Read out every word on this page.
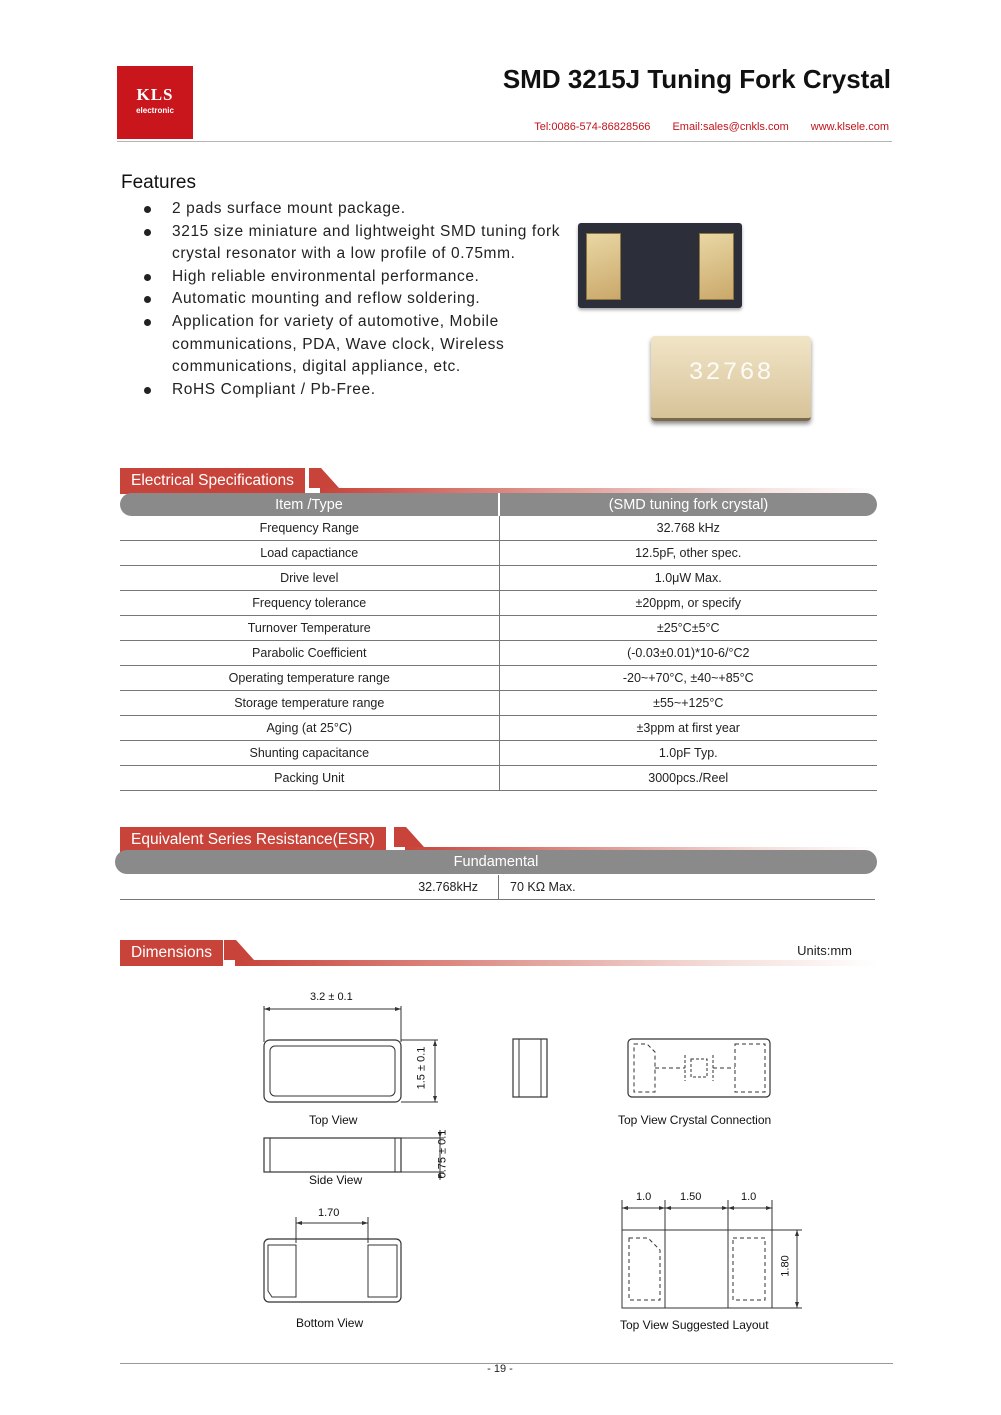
KLS
electronic
SMD 3215J Tuning Fork Crystal
Tel:0086-574-86828566 Email:sales@cnkls.com www.klsele.com
Features
2 pads surface mount package.
3215 size miniature and lightweight SMD tuning fork crystal resonator with a low profile of 0.75mm.
High reliable environmental performance.
Automatic mounting and reflow soldering.
Application for variety of automotive, Mobile communications, PDA, Wave clock, Wireless communications, digital appliance, etc.
RoHS Compliant / Pb-Free.
32768
Electrical Specifications
Item /Type	(SMD tuning fork crystal)
Frequency Range	32.768 kHz
Load capactiance	12.5pF, other spec.
Drive level	1.0μW Max.
Frequency tolerance	±20ppm, or specify
Turnover Temperature	±25°C±5°C
Parabolic Coefficient	(-0.03±0.01)*10-6/°C2
Operating temperature range	-20~+70°C, ±40~+85°C
Storage temperature range	±55~+125°C
Aging (at 25°C)	±3ppm at first year
Shunting capacitance	1.0pF Typ.
Packing Unit	3000pcs./Reel
Equivalent Series Resistance(ESR)
Fundamental
32.768kHz	70 KΩ Max.
Dimensions	Units:mm
3.2 ± 0.1
1.5 ± 0.1
Top View
0.75 ± 0.1
Side View
1.70
Bottom View
Top View Crystal Connection
1.0	1.50	1.0
1.80
Top View Suggested Layout
- 19 -
